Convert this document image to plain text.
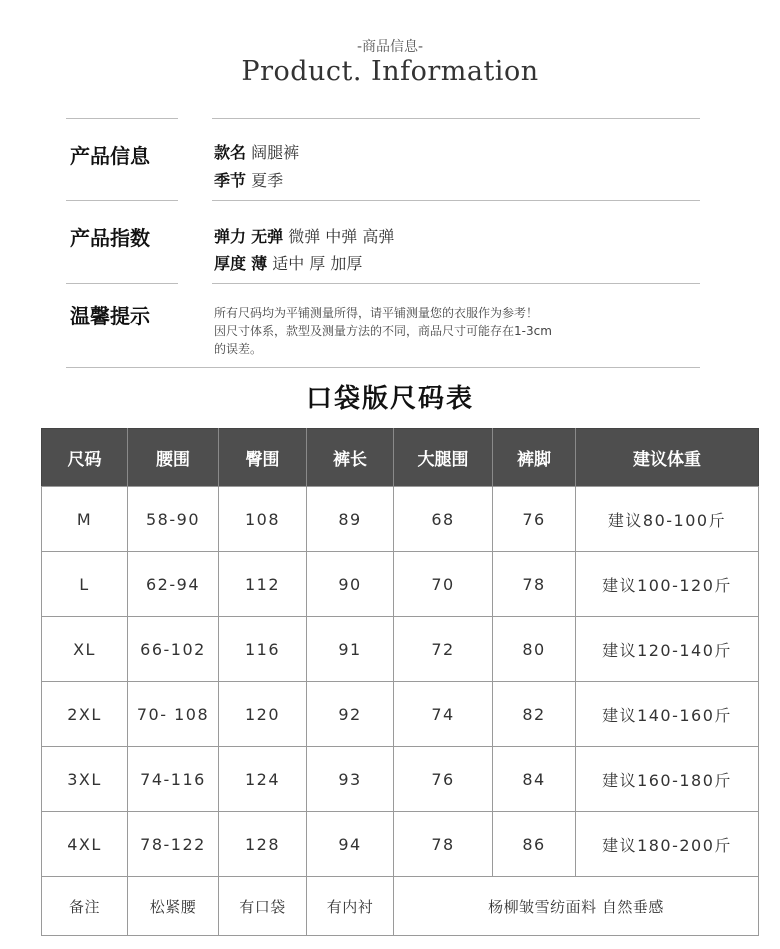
-商品信息-
Product. Information
产品信息	款名 阔腿裤
季节 夏季
产品指数	弹力 无弹 微弹 中弹 高弹
厚度 薄 适中 厚 加厚
温馨提示	所有尺码均为平铺测量所得，请平铺测量您的衣服作为参考！
因尺寸体系，款型及测量方法的不同，商品尺寸可能存在1-3cm
的误差。
口袋版尺码表
尺码	腰围	臀围	裤长	大腿围	裤脚	建议体重
M	58-90	108	89	68	76	建议80-100斤
L	62-94	112	90	70	78	建议100-120斤
XL	66-102	116	91	72	80	建议120-140斤
2XL	70- 108	120	92	74	82	建议140-160斤
3XL	74-116	124	93	76	84	建议160-180斤
4XL	78-122	128	94	78	86	建议180-200斤
备注	松紧腰	有口袋	有内衬	杨柳皱雪纺面料 自然垂感		
